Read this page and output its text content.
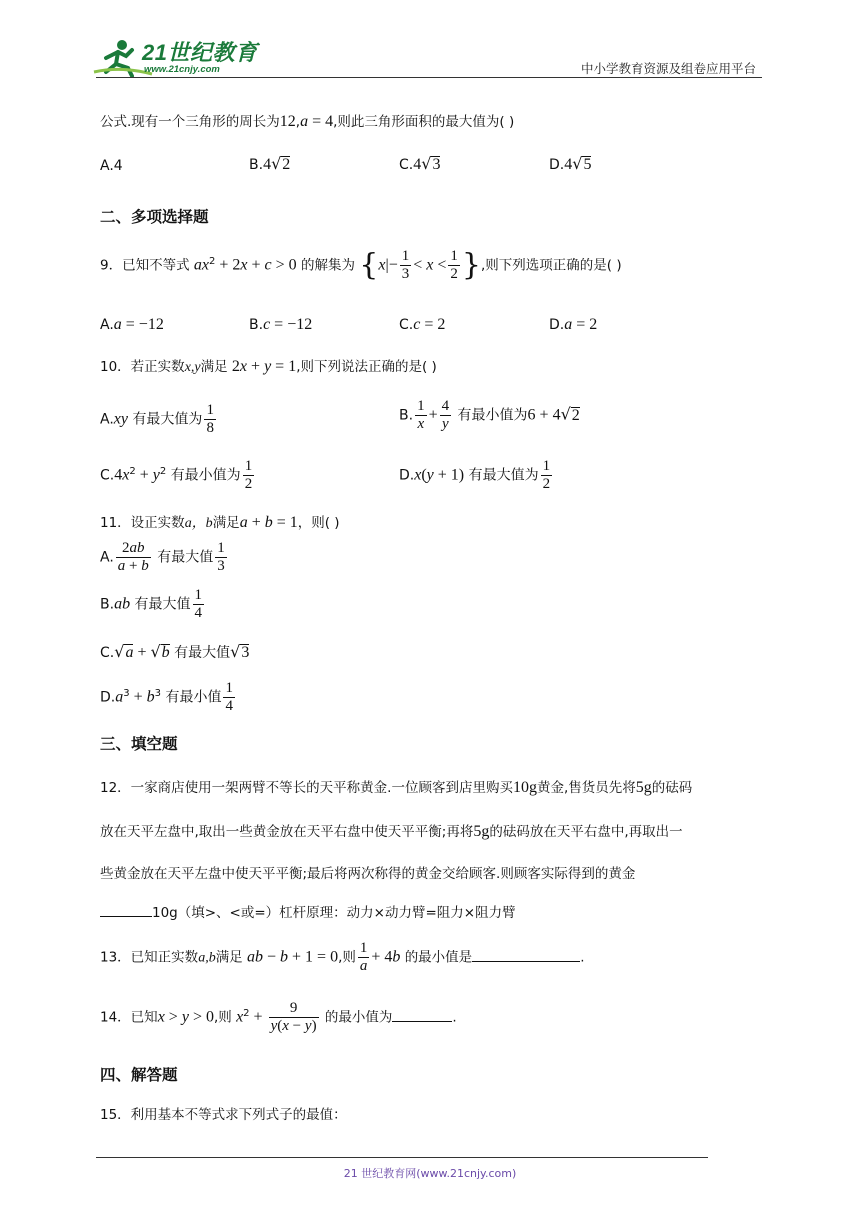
21世纪教育
www.21cnjy.com	中小学教育资源及组卷应用平台
公式.现有一个三角形的周长为12,a = 4,则此三角形面积的最大值为( )
A.4	B.4√2	C.4√3	D.4√5
二、多项选择题
9．已知不等式 $ax^2 + 2x + c > 0$ 的解集为 {$x|- \frac{1}{3} < x < \frac{1}{2}$ },则下列选项正确的是( )
A.a = −12	B.c = −12	C.c = 2	D.a = 2
10．若正实数x,y满足 2x + y = 1,则下列说法正确的是( )
A.xy 有最大值为 $\frac{1}{8}$	B. $\frac{1}{x} + \frac{4}{y}$ 有最小值为6 + 4√2
$C.4x^2 + y^2$ 有最小值为 $\frac{1}{2}$	D.x(y + 1) 有最大值为 $\frac{1}{2}$
11．设正实数a，b满足a + b = 1，则( )
A. $\frac{2ab}{a + b}$ 有最大值 $\frac{1}{3}$
B.ab 有最大值 $\frac{1}{4}$
C.√a + √b 有最大值√3
$D.a^3 + b^3$ 有最小值 $\frac{1}{4}$
三、填空题
12．一家商店使用一架两臂不等长的天平称黄金.一位顾客到店里购买10g黄金,售货员先将5g的砝码
放在天平左盘中,取出一些黄金放在天平右盘中使天平平衡;再将5g的砝码放在天平右盘中,再取出一
些黄金放在天平左盘中使天平平衡;最后将两次称得的黄金交给顾客.则顾客实际得到的黄金
10g（填>、<或=）杠杆原理：动力×动力臂=阻力×阻力臂
13．已知正实数a,b满足 ab − b + 1 = 0,则 $\frac{1}{a} + 4b$ 的最小值是	.
14．已知x > y > 0,则 $x^2 + \frac{9}{y(x - y)}$ 的最小值为	.
四、解答题
15．利用基本不等式求下列式子的最值：
21 世纪教育网(www.21cnjy.com)
